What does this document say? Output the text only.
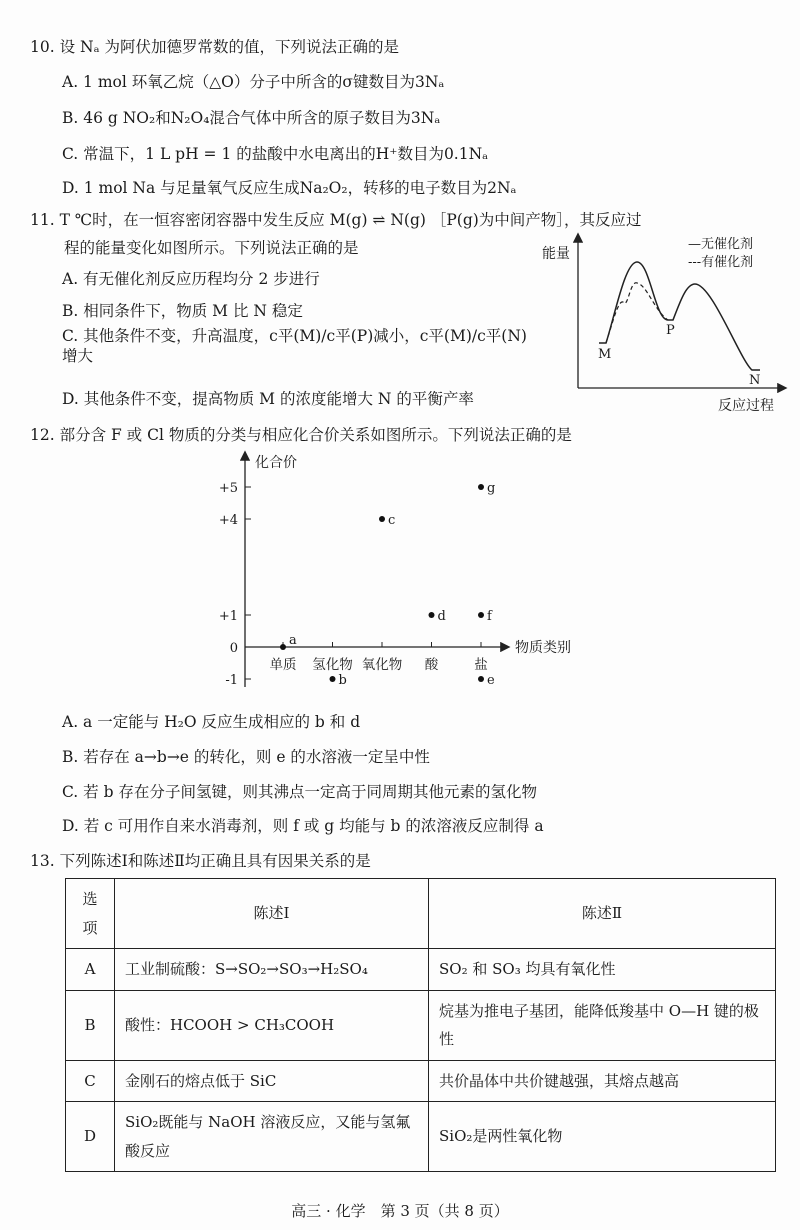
10. 设 Nₐ 为阿伏加德罗常数的值，下列说法正确的是
A. 1 mol 环氧乙烷（△O）分子中所含的σ键数目为3Nₐ
B. 46 g NO₂和N₂O₄混合气体中所含的原子数目为3Nₐ
C. 常温下，1 L pH = 1 的盐酸中水电离出的H⁺数目为0.1Nₐ
D. 1 mol Na 与足量氧气反应生成Na₂O₂，转移的电子数目为2Nₐ
11. T ℃时，在一恒容密闭容器中发生反应 M(g) ⇌ N(g) ［P(g)为中间产物］，其反应过
程的能量变化如图所示。下列说法正确的是
A. 有无催化剂反应历程均分 2 步进行
B. 相同条件下，物质 M 比 N 稳定
C. 其他条件不变，升高温度，c平(M)/c平(P)减小，c平(M)/c平(N)增大
D. 其他条件不变，提高物质 M 的浓度能增大 N 的平衡产率
能量
反应过程
—无催化剂
---有催化剂
M
P
N
12. 部分含 F 或 Cl 物质的分类与相应化合价关系如图所示。下列说法正确的是
化合价
物质类别
+5
+4
+1
0
-1
单质 氢化物 氧化物 酸	盐
a
b
c
d
e
f
g
A. a 一定能与 H₂O 反应生成相应的 b 和 d
B. 若存在 a→b→e 的转化，则 e 的水溶液一定呈中性
C. 若 b 存在分子间氢键，则其沸点一定高于同周期其他元素的氢化物
D. 若 c 可用作自来水消毒剂，则 f 或 g 均能与 b 的浓溶液反应制得 a
13. 下列陈述Ⅰ和陈述Ⅱ均正确且具有因果关系的是
选项	陈述Ⅰ	陈述Ⅱ
A	工业制硫酸：S→SO₂→SO₃→H₂SO₄	SO₂ 和 SO₃ 均具有氧化性
B	酸性：HCOOH > CH₃COOH	烷基为推电子基团，能降低羧基中 O—H 键的极性
C	金刚石的熔点低于 SiC	共价晶体中共价键越强，其熔点越高
D	SiO₂既能与 NaOH 溶液反应，又能与氢氟酸反应	SiO₂是两性氧化物
高三 · 化学　第 3 页（共 8 页）
